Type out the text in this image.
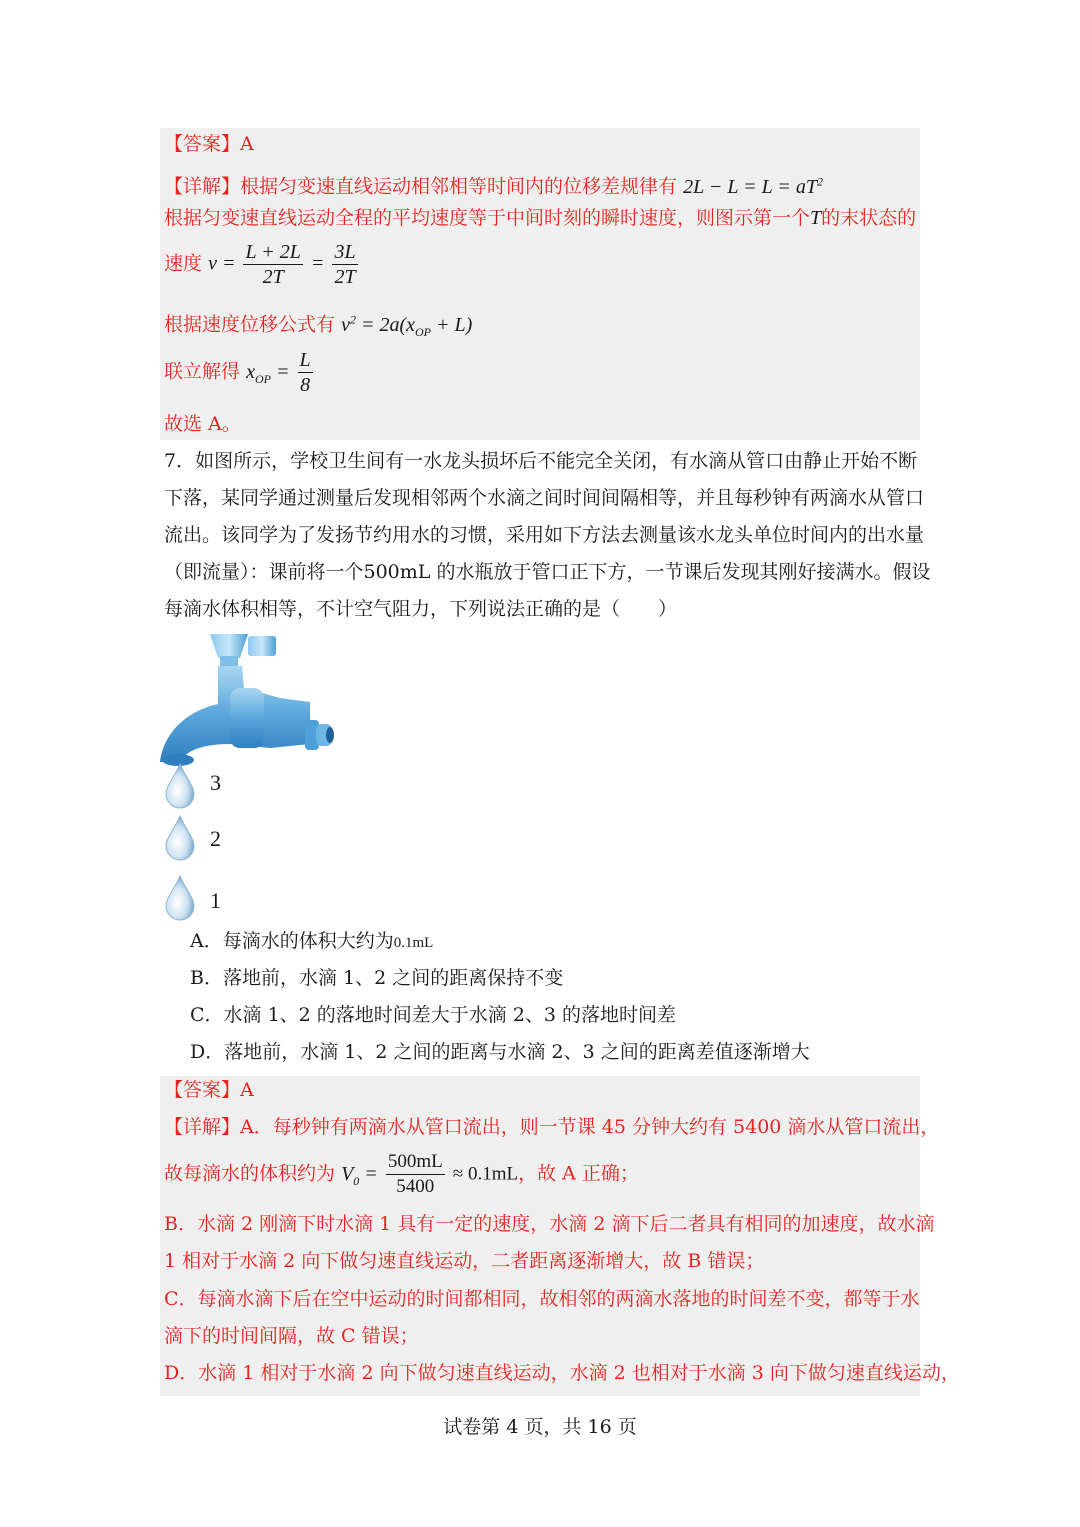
【答案】A
【详解】根据匀变速直线运动相邻相等时间内的位移差规律有 $2L - L = L = aT^2$
根据匀变速直线运动全程的平均速度等于中间时刻的瞬时速度，则图示第一个T的末状态的
速度 $v = \frac{L + 2L}{2T} = \frac{3L}{2T}$
根据速度位移公式有 $v^2 = 2a(x_{OP} + L)$
联立解得 $x_{OP} = \frac{L}{8}$
故选 A。
7．如图所示，学校卫生间有一水龙头损坏后不能完全关闭，有水滴从管口由静止开始不断
下落，某同学通过测量后发现相邻两个水滴之间时间间隔相等，并且每秒钟有两滴水从管口
流出。该同学为了发扬节约用水的习惯，采用如下方法去测量该水龙头单位时间内的出水量
（即流量）：课前将一个500mL 的水瓶放于管口正下方，一节课后发现其刚好接满水。假设
每滴水体积相等，不计空气阻力，下列说法正确的是（　　）
3
2
1
A．每滴水的体积大约为0.1mL
B．落地前，水滴 1、2 之间的距离保持不变
C．水滴 1、2 的落地时间差大于水滴 2、3 的落地时间差
D．落地前，水滴 1、2 之间的距离与水滴 2、3 之间的距离差值逐渐增大
【答案】A
【详解】A．每秒钟有两滴水从管口流出，则一节课 45 分钟大约有 5400 滴水从管口流出，
故每滴水的体积约为 $V_0 = \frac{500mL}{5400} \approx 0.1mL$，故 A 正确；
B．水滴 2 刚滴下时水滴 1 具有一定的速度，水滴 2 滴下后二者具有相同的加速度，故水滴
1 相对于水滴 2 向下做匀速直线运动，二者距离逐渐增大，故 B 错误；
C．每滴水滴下后在空中运动的时间都相同，故相邻的两滴水落地的时间差不变，都等于水
滴下的时间间隔，故 C 错误；
D．水滴 1 相对于水滴 2 向下做匀速直线运动，水滴 2 也相对于水滴 3 向下做匀速直线运动，
试卷第 4 页，共 16 页
